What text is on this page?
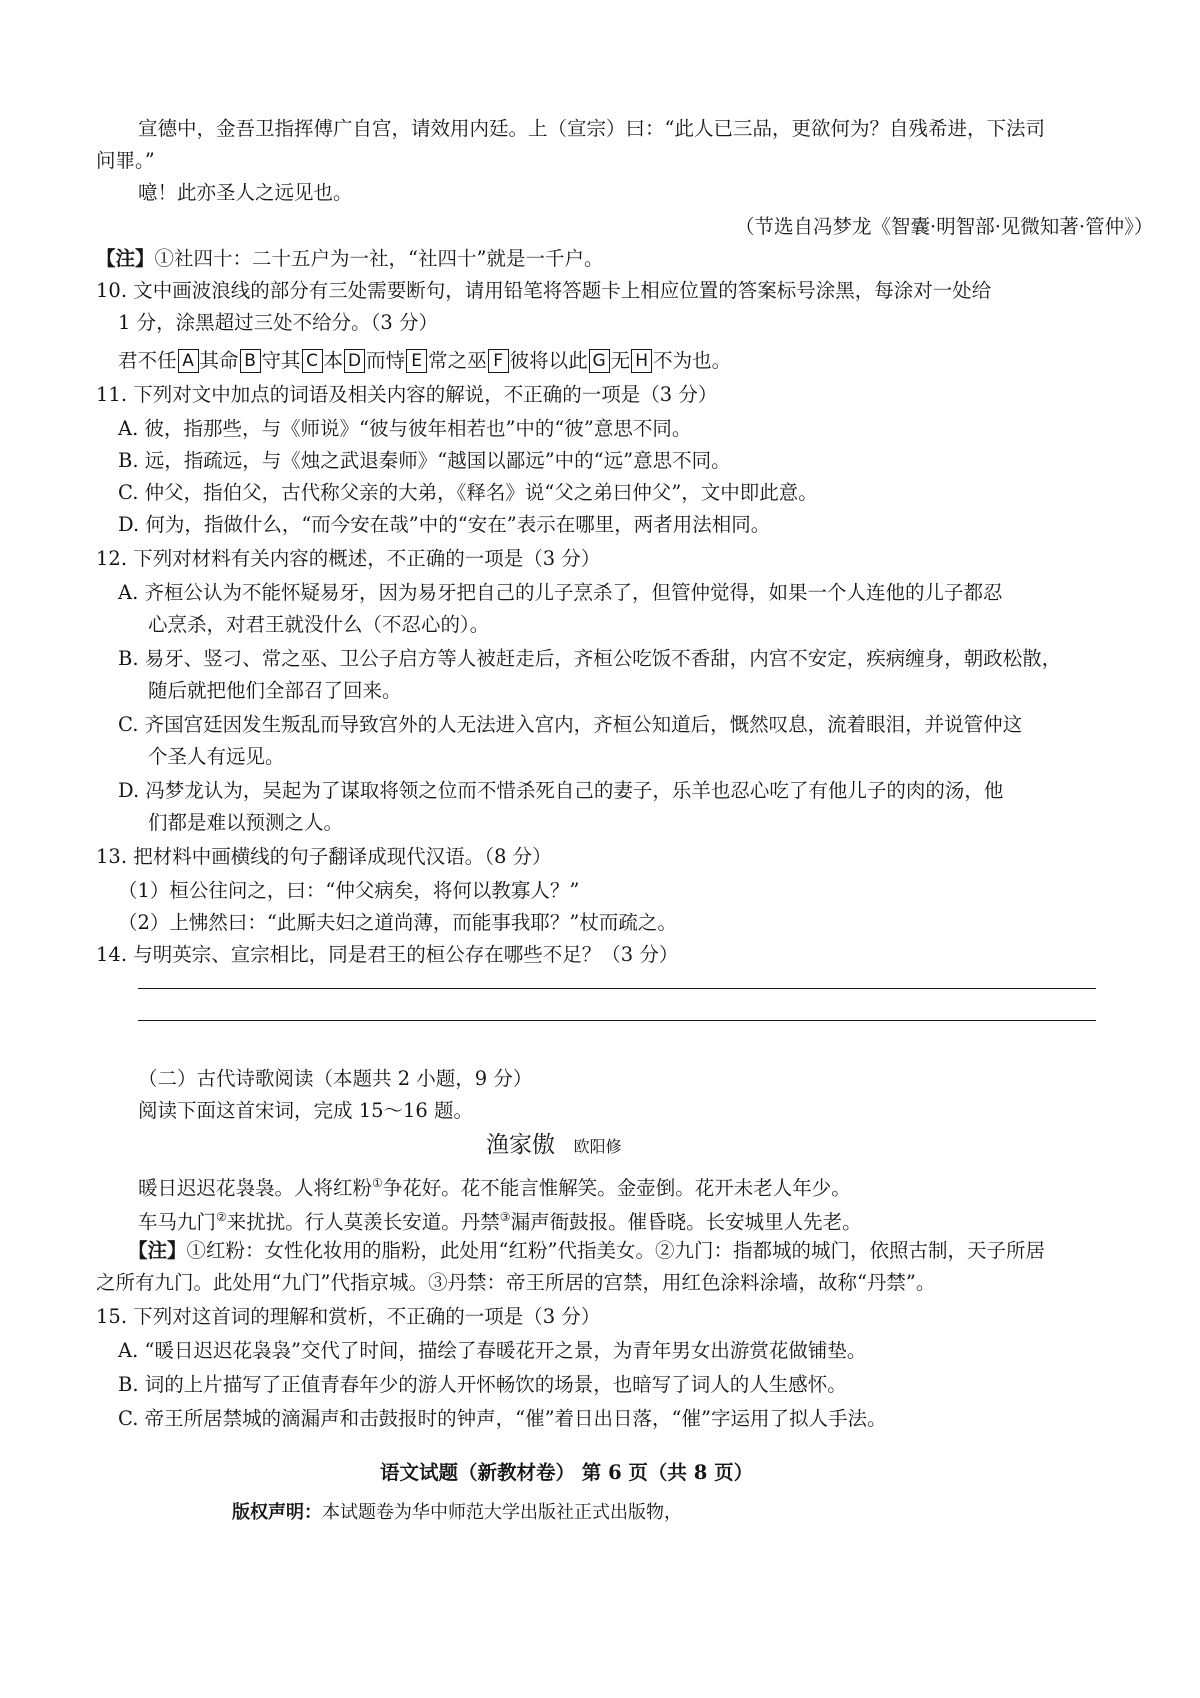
宣德中，金吾卫指挥傅广自宫，请效用内廷。上（宣宗）曰：“此人已三品，更欲何为？自残希进，下法司
问罪。”
噫！此亦圣人之远见也。
（节选自冯梦龙《智囊·明智部·见微知著·管仲》）
【注】①社四十：二十五户为一社，“社四十”就是一千户。
10. 文中画波浪线的部分有三处需要断句，请用铅笔将答题卡上相应位置的答案标号涂黑，每涂对一处给
1 分，涂黑超过三处不给分。（3 分）
君不任 A 其命 B 守其 C 本 D 而恃 E 常之巫 F 彼将以此 G 无 H 不为也。
11. 下列对文中加点的词语及相关内容的解说，不正确的一项是（3 分）
A. 彼，指那些，与《师说》“彼与彼年相若也”中的“彼”意思不同。
B. 远，指疏远，与《烛之武退秦师》“越国以鄙远”中的“远”意思不同。
C. 仲父，指伯父，古代称父亲的大弟，《释名》说“父之弟曰仲父”，文中即此意。
D. 何为，指做什么，“而今安在哉”中的“安在”表示在哪里，两者用法相同。
12. 下列对材料有关内容的概述，不正确的一项是（3 分）
A. 齐桓公认为不能怀疑易牙，因为易牙把自己的儿子烹杀了，但管仲觉得，如果一个人连他的儿子都忍
心烹杀，对君王就没什么（不忍心的）。
B. 易牙、竖刁、常之巫、卫公子启方等人被赶走后，齐桓公吃饭不香甜，内宫不安定，疾病缠身，朝政松散，
随后就把他们全部召了回来。
C. 齐国宫廷因发生叛乱而导致宫外的人无法进入宫内，齐桓公知道后，慨然叹息，流着眼泪，并说管仲这
个圣人有远见。
D. 冯梦龙认为，吴起为了谋取将领之位而不惜杀死自己的妻子，乐羊也忍心吃了有他儿子的肉的汤，他
们都是难以预测之人。
13. 把材料中画横线的句子翻译成现代汉语。（8 分）
（1）桓公往问之，曰：“仲父病矣，将何以教寡人？”
（2）上怫然曰：“此厮夫妇之道尚薄，而能事我耶？”杖而疏之。
14. 与明英宗、宣宗相比，同是君王的桓公存在哪些不足？（3 分）
（二）古代诗歌阅读（本题共 2 小题，9 分）
阅读下面这首宋词，完成 15～16 题。
渔家傲 欧阳修
暖日迟迟花袅袅。人将红粉①争花好。花不能言惟解笑。金壶倒。花开未老人年少。
车马九门②来扰扰。行人莫羡长安道。丹禁③漏声衙鼓报。催昏晓。长安城里人先老。
【注】①红粉：女性化妆用的脂粉，此处用“红粉”代指美女。②九门：指都城的城门，依照古制，天子所居
之所有九门。此处用“九门”代指京城。③丹禁：帝王所居的宫禁，用红色涂料涂墙，故称“丹禁”。
15. 下列对这首词的理解和赏析，不正确的一项是（3 分）
A. “暖日迟迟花袅袅”交代了时间，描绘了春暖花开之景，为青年男女出游赏花做铺垫。
B. 词的上片描写了正值青春年少的游人开怀畅饮的场景，也暗写了词人的人生感怀。
C. 帝王所居禁城的滴漏声和击鼓报时的钟声，“催”着日出日落，“催”字运用了拟人手法。
语文试题（新教材卷） 第 6 页（共 8 页）
版权声明：本试题卷为华中师范大学出版社正式出版物，
